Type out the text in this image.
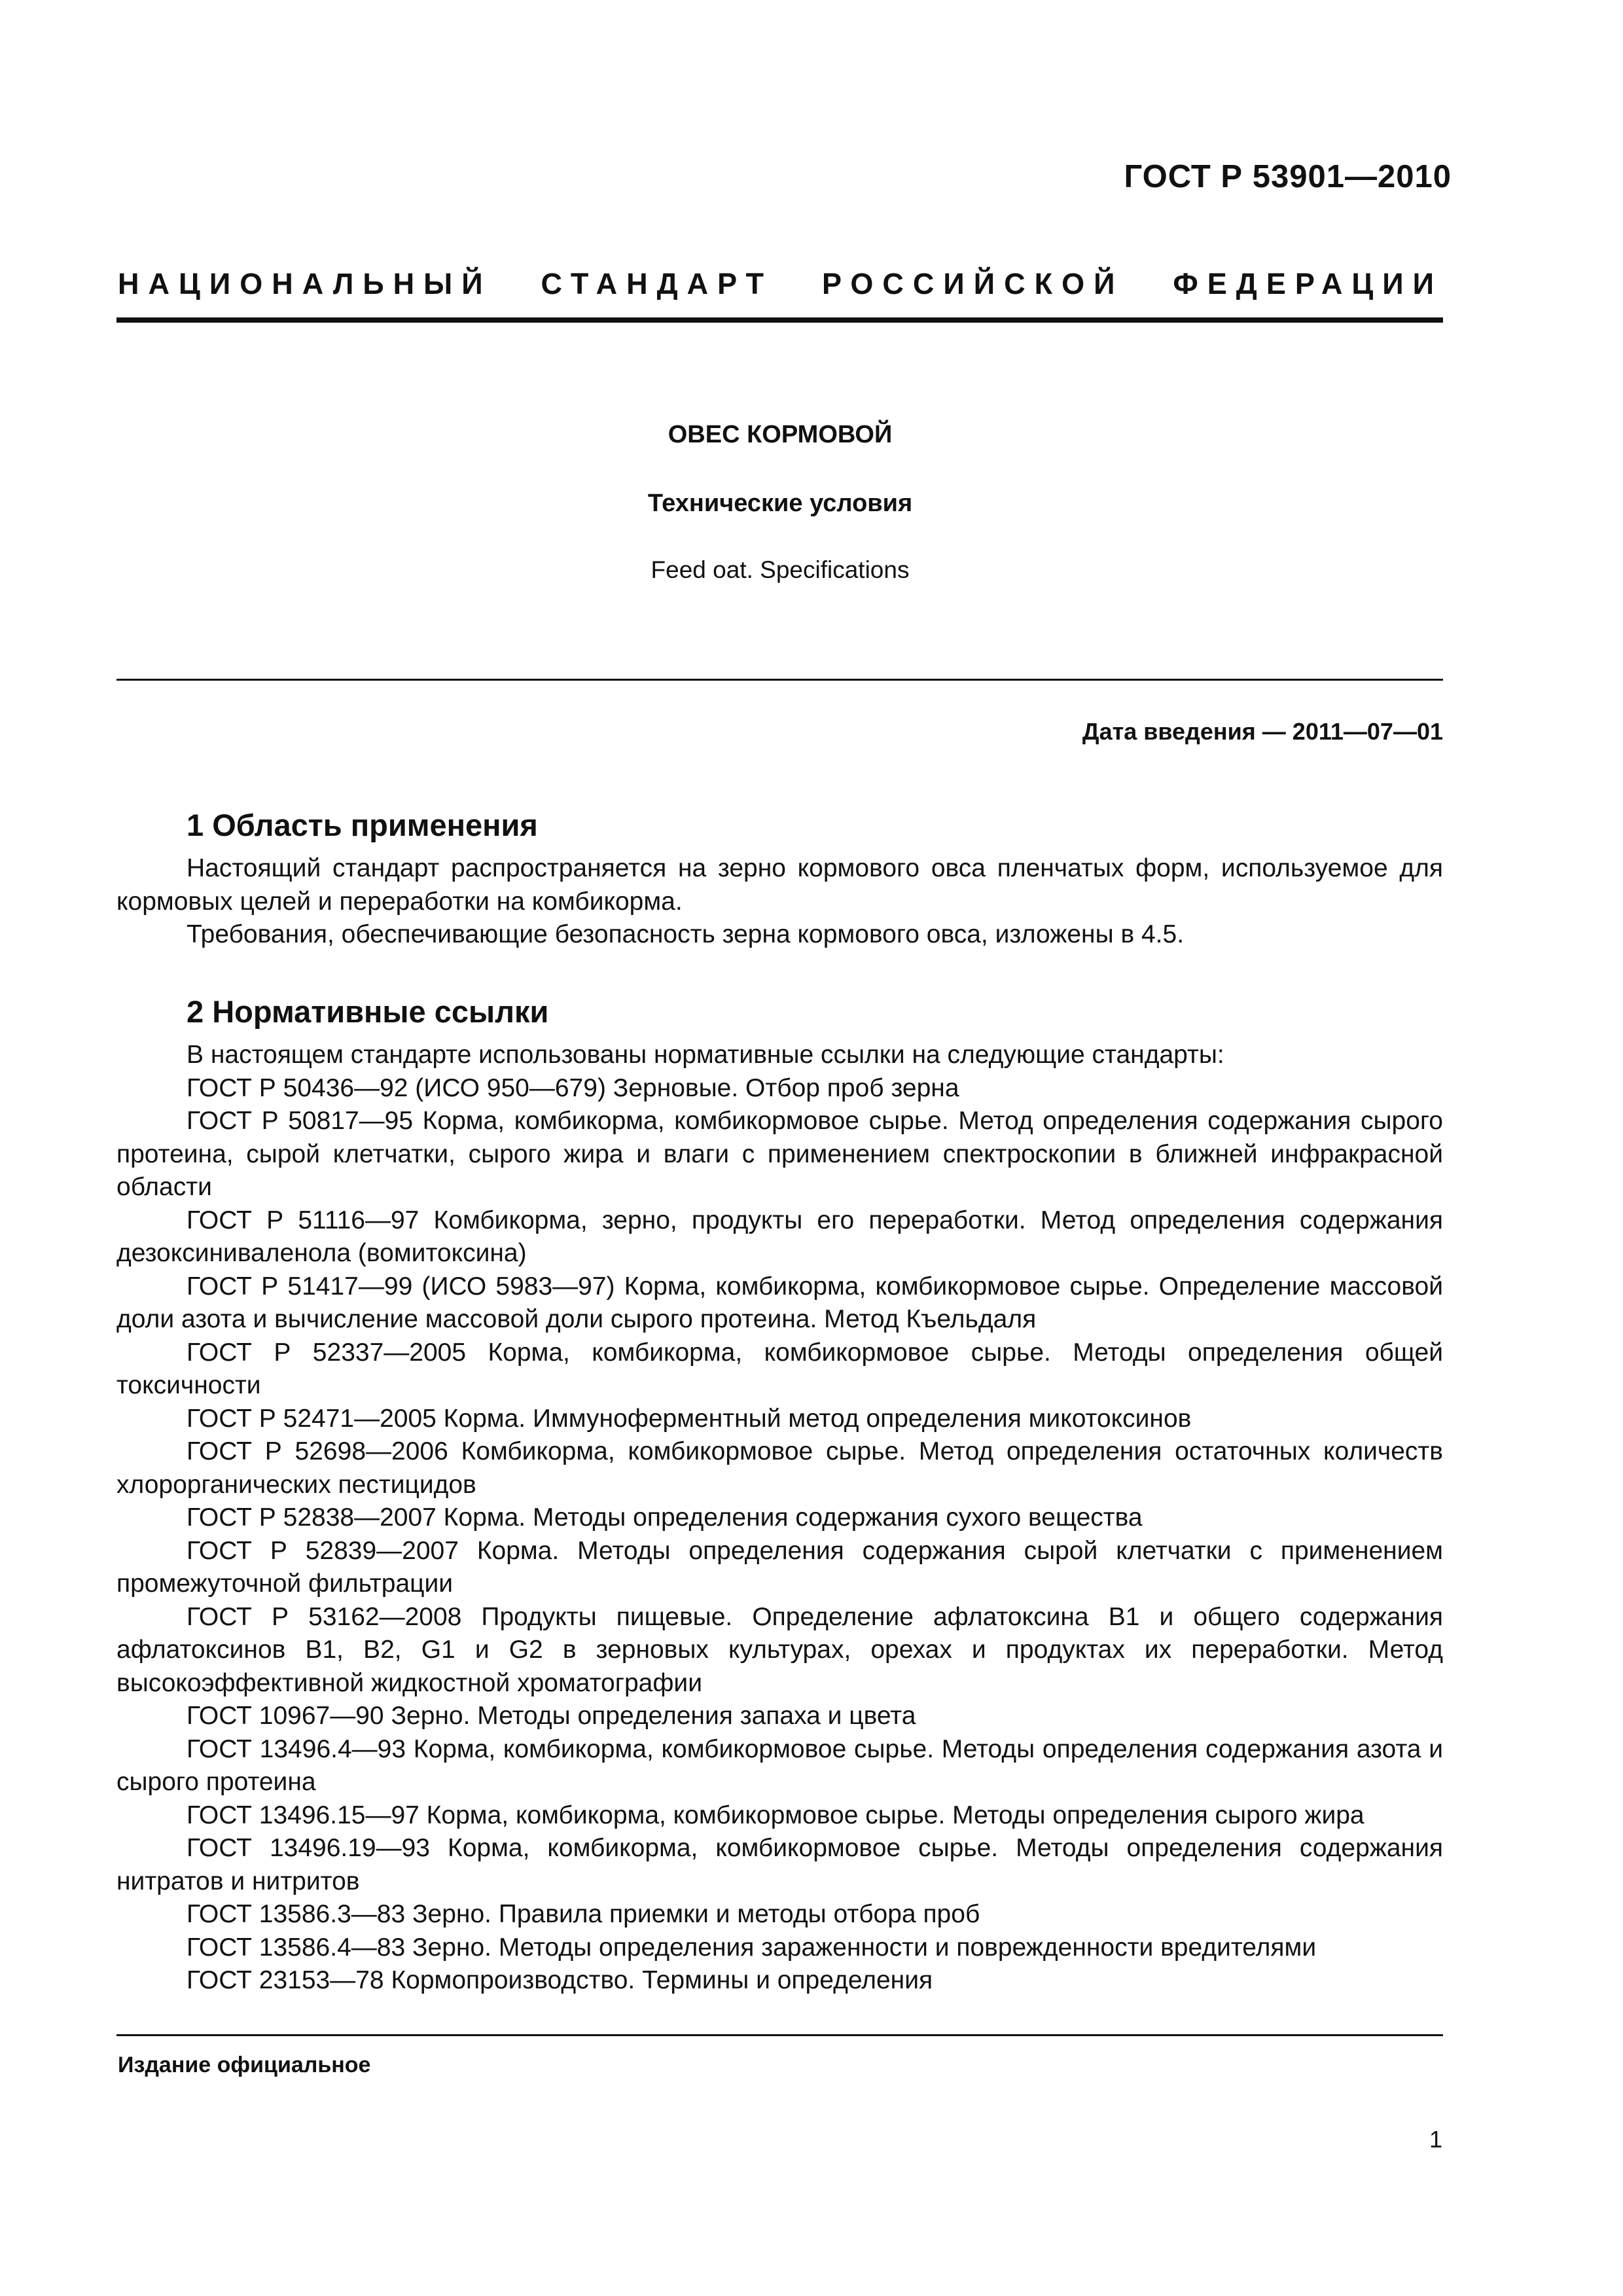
ГОСТ Р 53901—2010
НАЦИОНАЛЬНЫЙ СТАНДАРТ РОССИЙСКОЙ ФЕДЕРАЦИИ
ОВЕС КОРМОВОЙ
Технические условия
Feed oat. Specifications
Дата введения — 2011—07—01
1 Область применения

Настоящий стандарт распространяется на зерно кормового овса пленчатых форм, используемое для кормовых целей и переработки на комбикорма.

Требования, обеспечивающие безопасность зерна кормового овса, изложены в 4.5.

2 Нормативные ссылки

В настоящем стандарте использованы нормативные ссылки на следующие стандарты:

ГОСТ Р 50436—92 (ИСО 950—679) Зерновые. Отбор проб зерна

ГОСТ Р 50817—95 Корма, комбикорма, комбикормовое сырье. Метод определения содержания сырого протеина, сырой клетчатки, сырого жира и влаги с применением спектроскопии в ближней инфракрасной области

ГОСТ Р 51116—97 Комбикорма, зерно, продукты его переработки. Метод определения содержания дезоксиниваленола (вомитоксина)

ГОСТ Р 51417—99 (ИСО 5983—97) Корма, комбикорма, комбикормовое сырье. Определение массовой доли азота и вычисление массовой доли сырого протеина. Метод Къельдаля

ГОСТ Р 52337—2005 Корма, комбикорма, комбикормовое сырье. Методы определения общей токсичности

ГОСТ Р 52471—2005 Корма. Иммуноферментный метод определения микотоксинов

ГОСТ Р 52698—2006 Комбикорма, комбикормовое сырье. Метод определения остаточных количеств хлорорганических пестицидов

ГОСТ Р 52838—2007 Корма. Методы определения содержания сухого вещества

ГОСТ Р 52839—2007 Корма. Методы определения содержания сырой клетчатки с применением промежуточной фильтрации

ГОСТ Р 53162—2008 Продукты пищевые. Определение афлатоксина В1 и общего содержания афлатоксинов В1, В2, G1 и G2 в зерновых культурах, орехах и продуктах их переработки. Метод высокоэффективной жидкостной хроматографии

ГОСТ 10967—90 Зерно. Методы определения запаха и цвета

ГОСТ 13496.4—93 Корма, комбикорма, комбикормовое сырье. Методы определения содержания азота и сырого протеина

ГОСТ 13496.15—97 Корма, комбикорма, комбикормовое сырье. Методы определения сырого жира

ГОСТ 13496.19—93 Корма, комбикорма, комбикормовое сырье. Методы определения содержания нитратов и нитритов

ГОСТ 13586.3—83 Зерно. Правила приемки и методы отбора проб

ГОСТ 13586.4—83 Зерно. Методы определения зараженности и поврежденности вредителями

ГОСТ 23153—78 Кормопроизводство. Термины и определения

Издание официальное
1
